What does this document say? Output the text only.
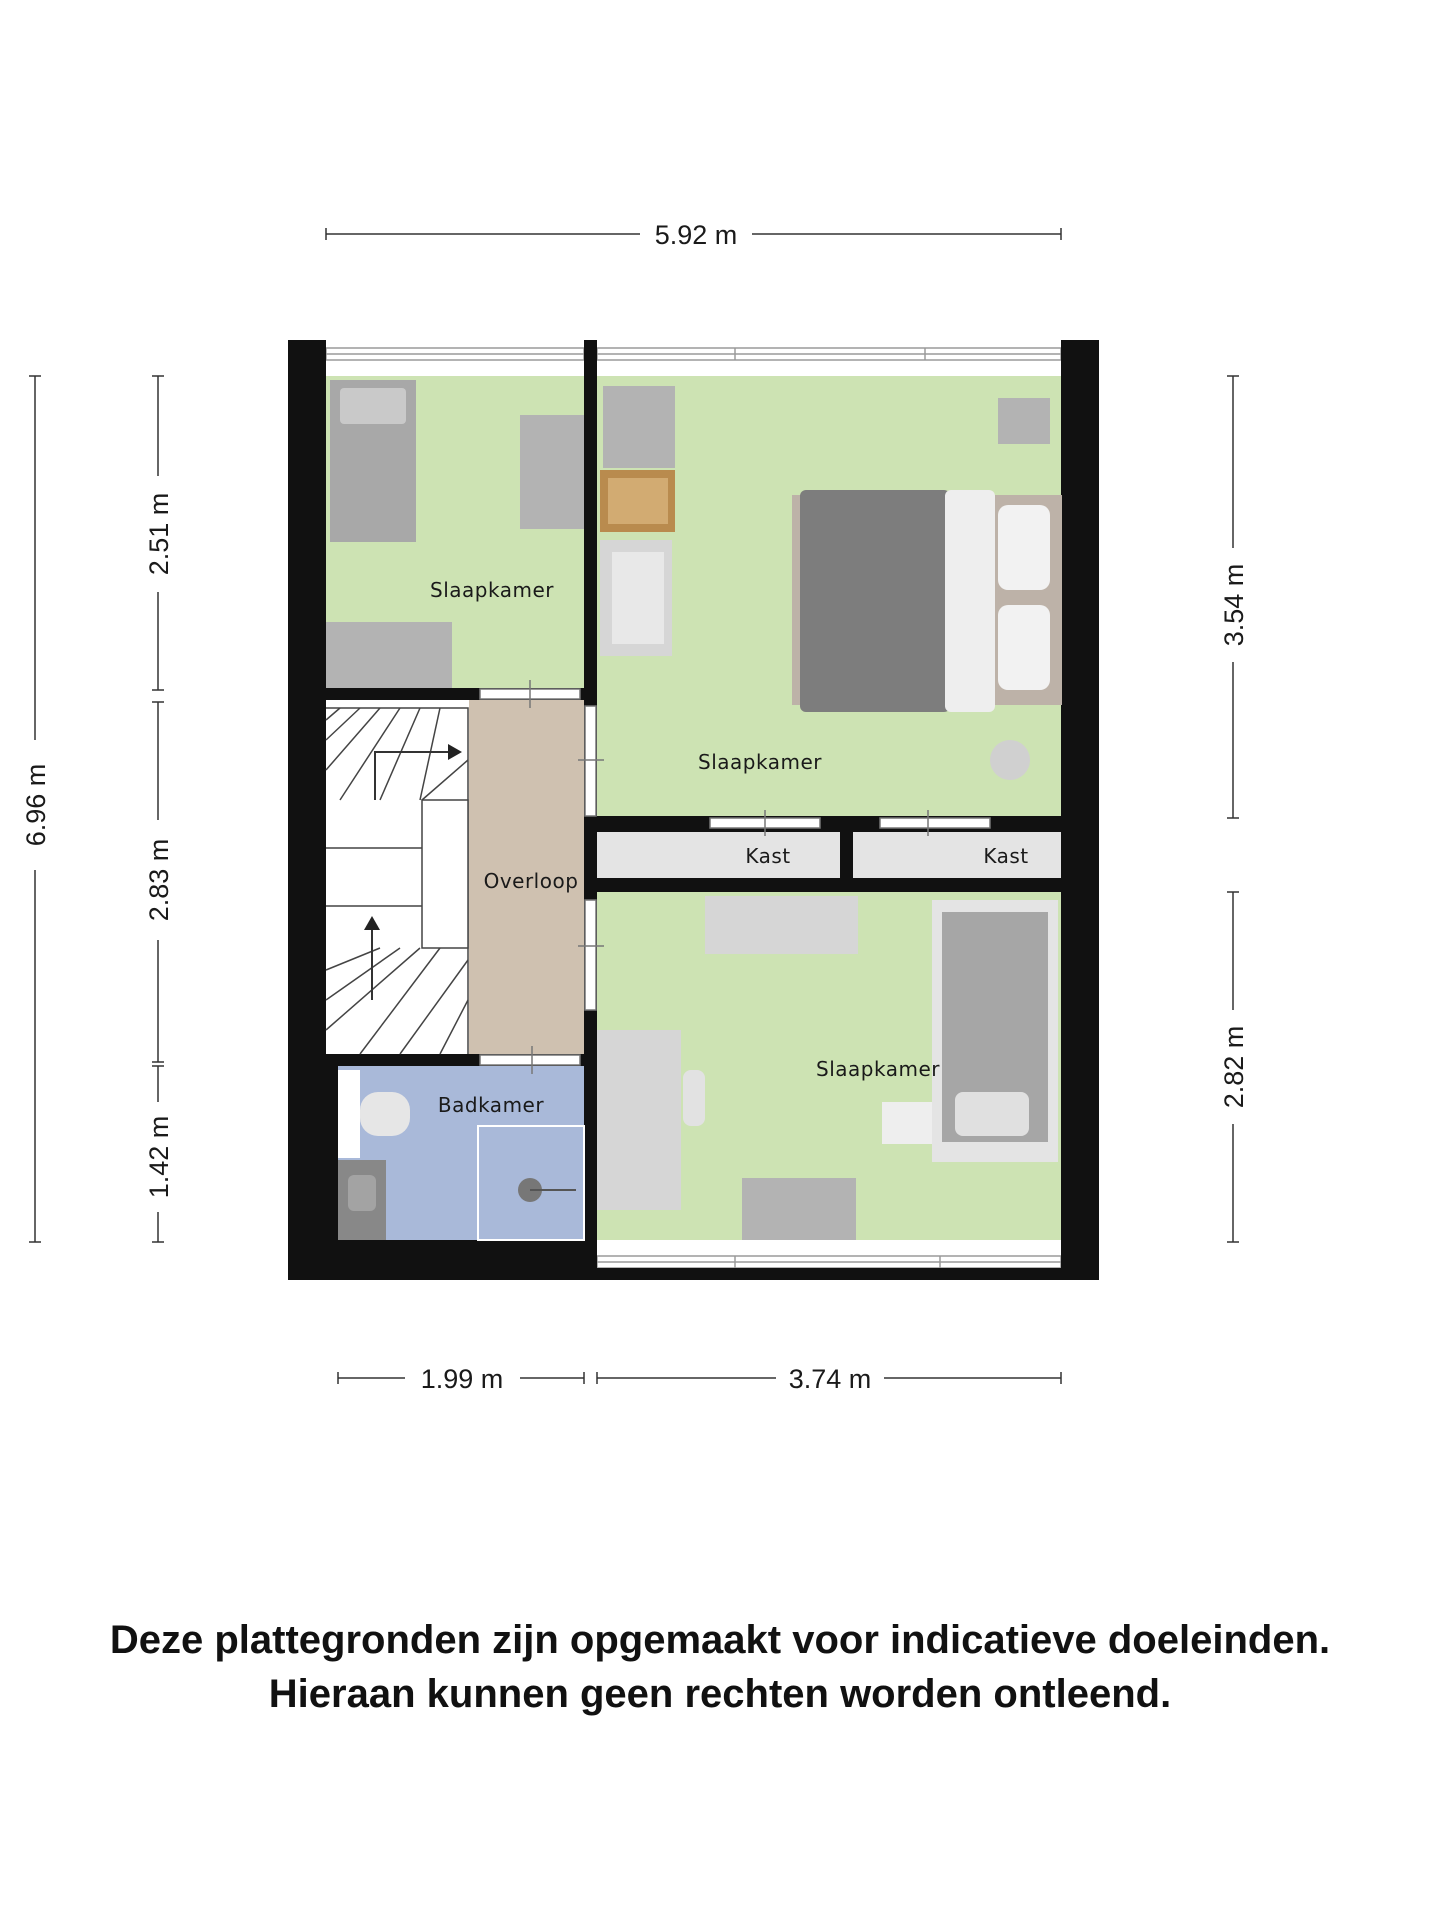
Slaapkamer
Slaapkamer
Overloop
Kast	Kast
Slaapkamer
Badkamer
5.92 m
1.99 m	3.74 m
6.96 m
2.51 m
2.83 m
1.42 m
3.54 m
2.82 m
Deze plattegronden zijn opgemaakt voor indicatieve doeleinden.
Hieraan kunnen geen rechten worden ontleend.
